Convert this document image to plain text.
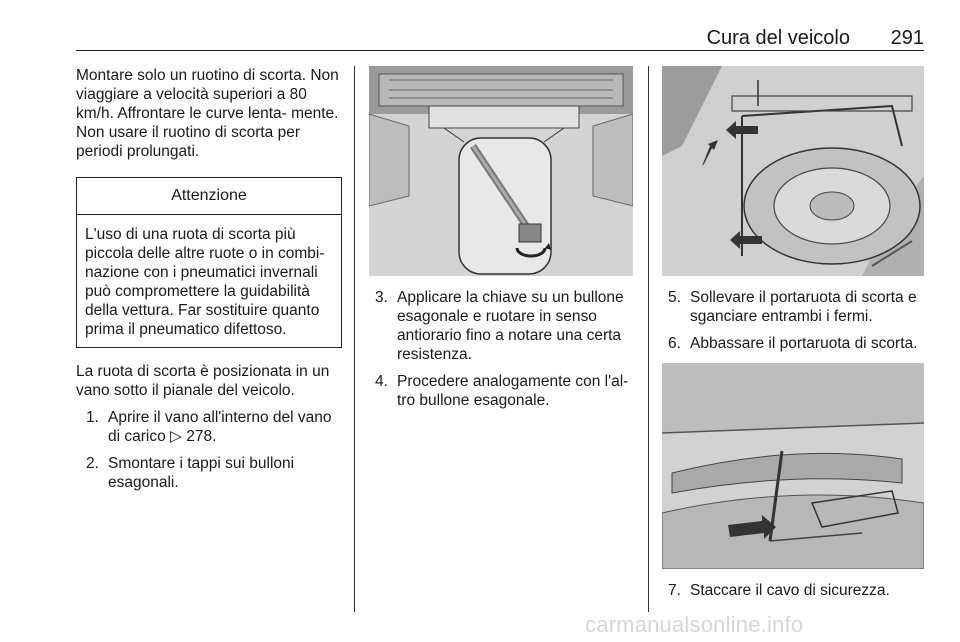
Cura del veicolo 291

Montare solo un ruotino di scorta. Non viaggiare a velocità superiori a 80 km/h. Affrontare le curve lenta- mente. Non usare il ruotino di scorta per periodi prolungati.

Attenzione
L'uso di una ruota di scorta più piccola delle altre ruote o in combi- nazione con i pneumatici invernali può compromettere la guidabilità della vettura. Far sostituire quanto prima il pneumatico difettoso.

La ruota di scorta è posizionata in un vano sotto il pianale del veicolo.

1. Aprire il vano all'interno del vano di carico ▷ 278.
2. Smontare i tappi sui bulloni esagonali.
3. Applicare la chiave su un bullone esagonale e ruotare in senso antiorario fino a notare una certa resistenza.
4. Procedere analogamente con l'al- tro bullone esagonale.
5. Sollevare il portaruota di scorta e sganciare entrambi i fermi.
6. Abbassare il portaruota di scorta.
7. Staccare il cavo di sicurezza.
carmanualsonline.info
